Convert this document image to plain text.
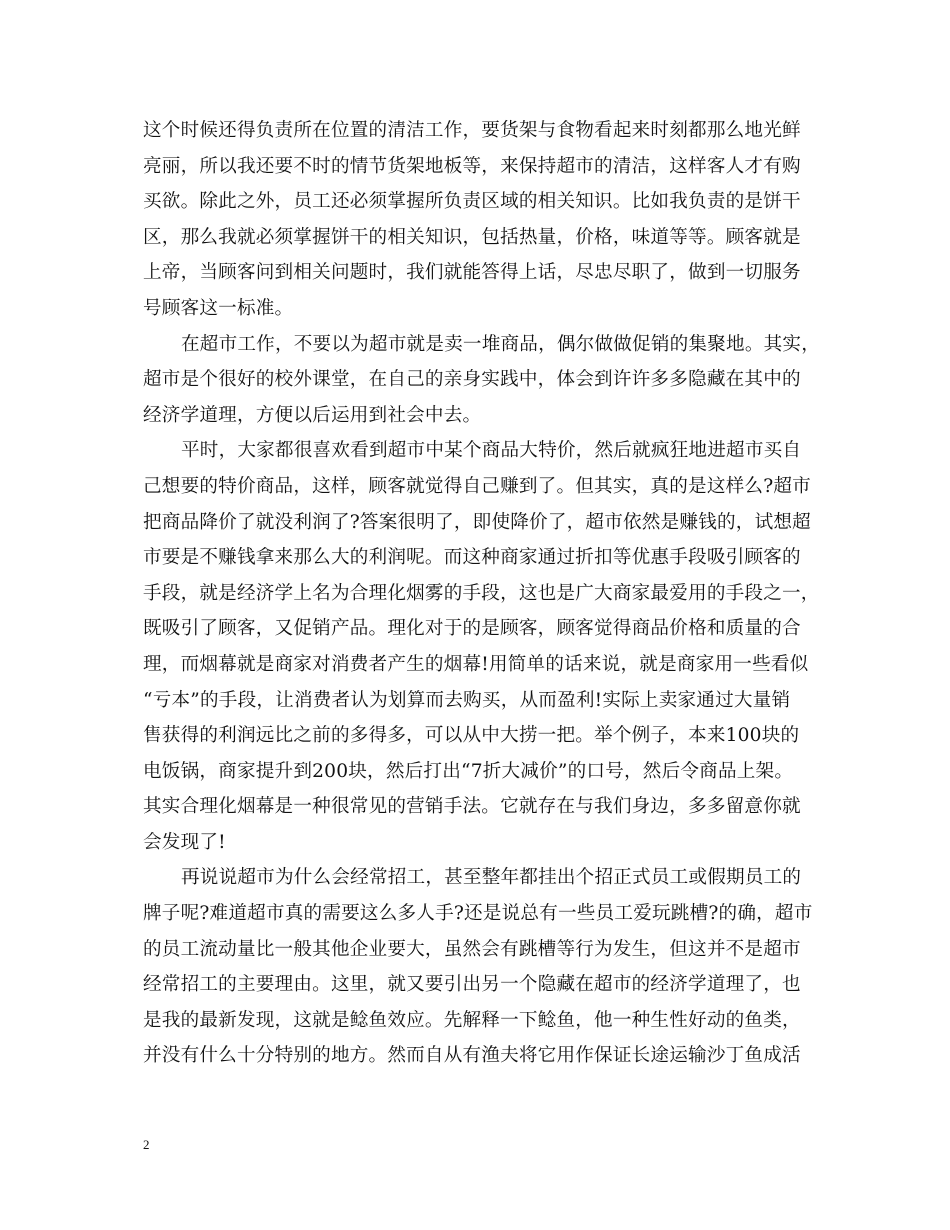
这个时候还得负责所在位置的清洁工作，要货架与食物看起来时刻都那么地光鲜
亮丽，所以我还要不时的情节货架地板等，来保持超市的清洁，这样客人才有购
买欲。除此之外，员工还必须掌握所负责区域的相关知识。比如我负责的是饼干
区，那么我就必须掌握饼干的相关知识，包括热量，价格，味道等等。顾客就是
上帝，当顾客问到相关问题时，我们就能答得上话，尽忠尽职了，做到一切服务
号顾客这一标准。
在超市工作，不要以为超市就是卖一堆商品，偶尔做做促销的集聚地。其实，
超市是个很好的校外课堂，在自己的亲身实践中，体会到许许多多隐藏在其中的
经济学道理，方便以后运用到社会中去。
平时，大家都很喜欢看到超市中某个商品大特价，然后就疯狂地进超市买自
己想要的特价商品，这样，顾客就觉得自己赚到了。但其实，真的是这样么?超市
把商品降价了就没利润了?答案很明了，即使降价了，超市依然是赚钱的，试想超
市要是不赚钱拿来那么大的利润呢。而这种商家通过折扣等优惠手段吸引顾客的
手段，就是经济学上名为合理化烟雾的手段，这也是广大商家最爱用的手段之一，
既吸引了顾客，又促销产品。理化对于的是顾客，顾客觉得商品价格和质量的合
理，而烟幕就是商家对消费者产生的烟幕!用简单的话来说，就是商家用一些看似
“亏本”的手段，让消费者认为划算而去购买，从而盈利!实际上卖家通过大量销
售获得的利润远比之前的多得多，可以从中大捞一把。举个例子，本来100块的
电饭锅，商家提升到200块，然后打出“7折大减价”的口号，然后令商品上架。
其实合理化烟幕是一种很常见的营销手法。它就存在与我们身边，多多留意你就
会发现了!
再说说超市为什么会经常招工，甚至整年都挂出个招正式员工或假期员工的
牌子呢?难道超市真的需要这么多人手?还是说总有一些员工爱玩跳槽?的确，超市
的员工流动量比一般其他企业要大，虽然会有跳槽等行为发生，但这并不是超市
经常招工的主要理由。这里，就又要引出另一个隐藏在超市的经济学道理了，也
是我的最新发现，这就是鲶鱼效应。先解释一下鲶鱼，他一种生性好动的鱼类，
并没有什么十分特别的地方。然而自从有渔夫将它用作保证长途运输沙丁鱼成活
2
